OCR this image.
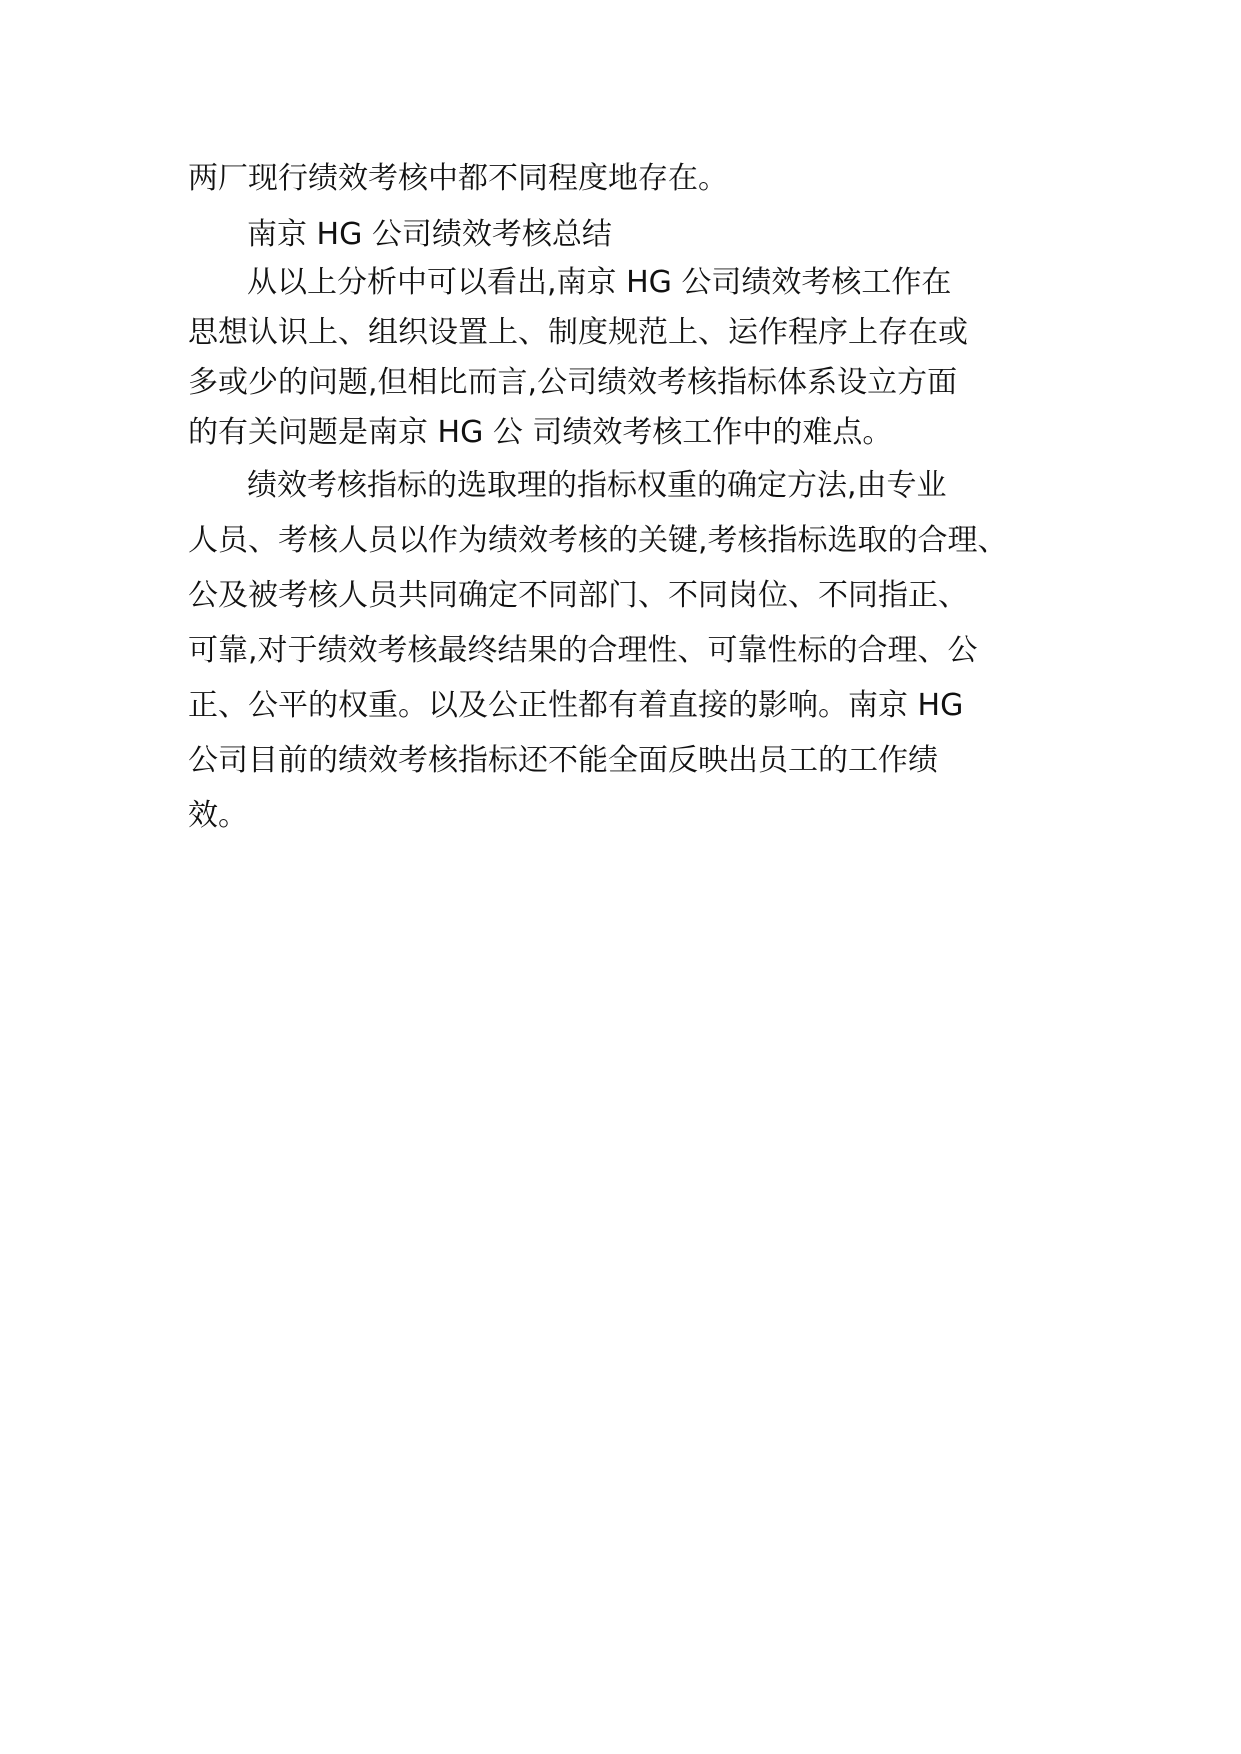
两厂现行绩效考核中都不同程度地存在。

南京 HG 公司绩效考核总结

从以上分析中可以看出,南京 HG 公司绩效考核工作在
思想认识上、组织设置上、制度规范上、运作程序上存在或
多或少的问题,但相比而言,公司绩效考核指标体系设立方面
的有关问题是南京 HG 公 司绩效考核工作中的难点。

绩效考核指标的选取理的指标权重的确定方法,由专业
人员、考核人员以作为绩效考核的关键,考核指标选取的合理、
公及被考核人员共同确定不同部门、不同岗位、不同指正、
可靠,对于绩效考核最终结果的合理性、可靠性标的合理、公
正、公平的权重。以及公正性都有着直接的影响。南京 HG
公司目前的绩效考核指标还不能全面反映出员工的工作绩
效。
